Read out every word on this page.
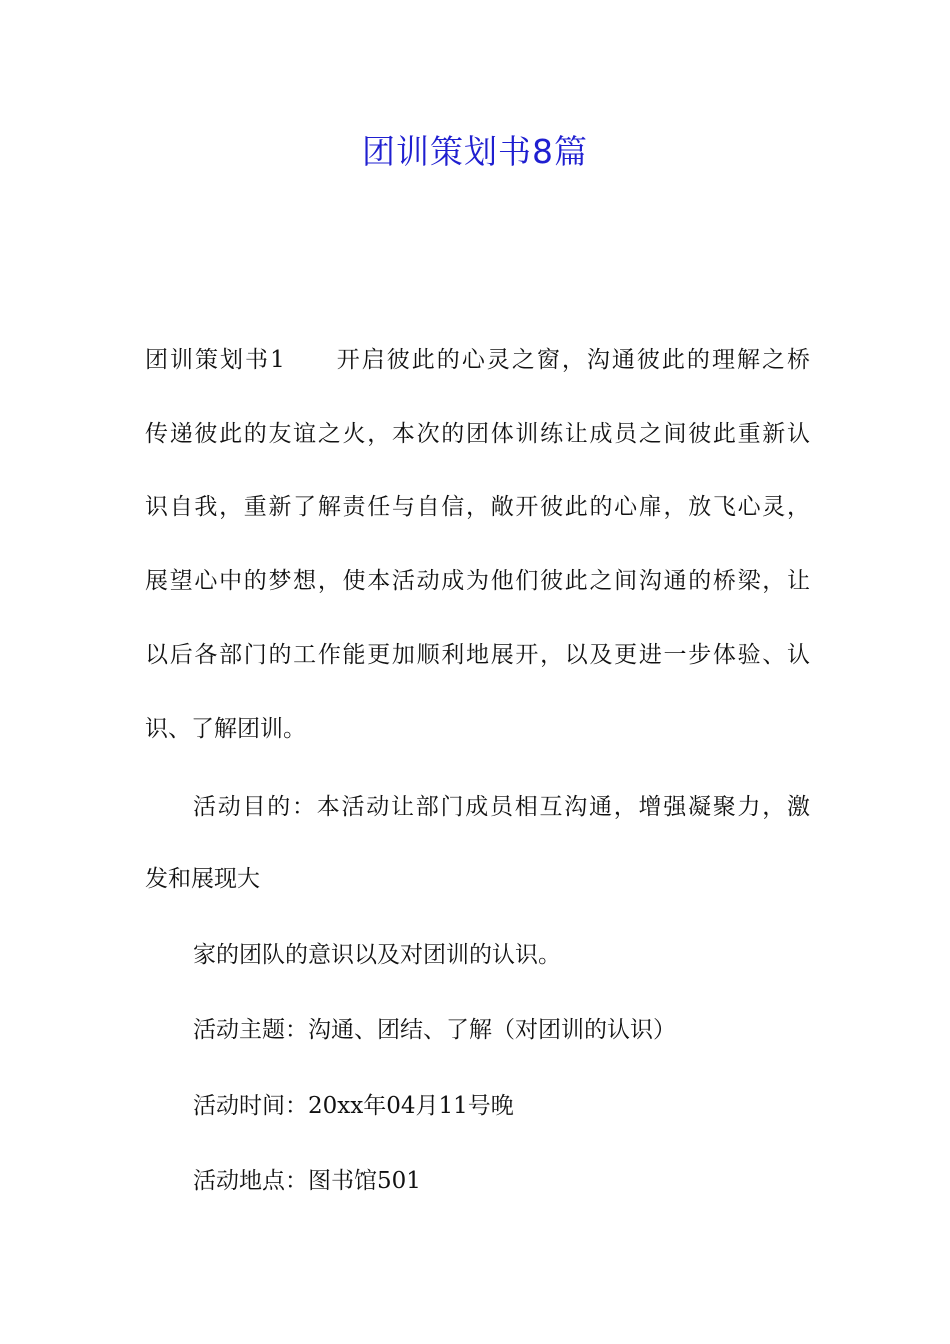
团训策划书8篇

团训策划书1　　开启彼此的心灵之窗，沟通彼此的理解之桥

传递彼此的友谊之火，本次的团体训练让成员之间彼此重新认

识自我，重新了解责任与自信，敞开彼此的心扉，放飞心灵，

展望心中的梦想，使本活动成为他们彼此之间沟通的桥梁，让

以后各部门的工作能更加顺利地展开，以及更进一步体验、认

识、了解团训。

活动目的：本活动让部门成员相互沟通，增强凝聚力，激

发和展现大

家的团队的意识以及对团训的认识。

活动主题：沟通、团结、了解（对团训的认识）

活动时间：20xx年04月11号晚

活动地点：图书馆501
